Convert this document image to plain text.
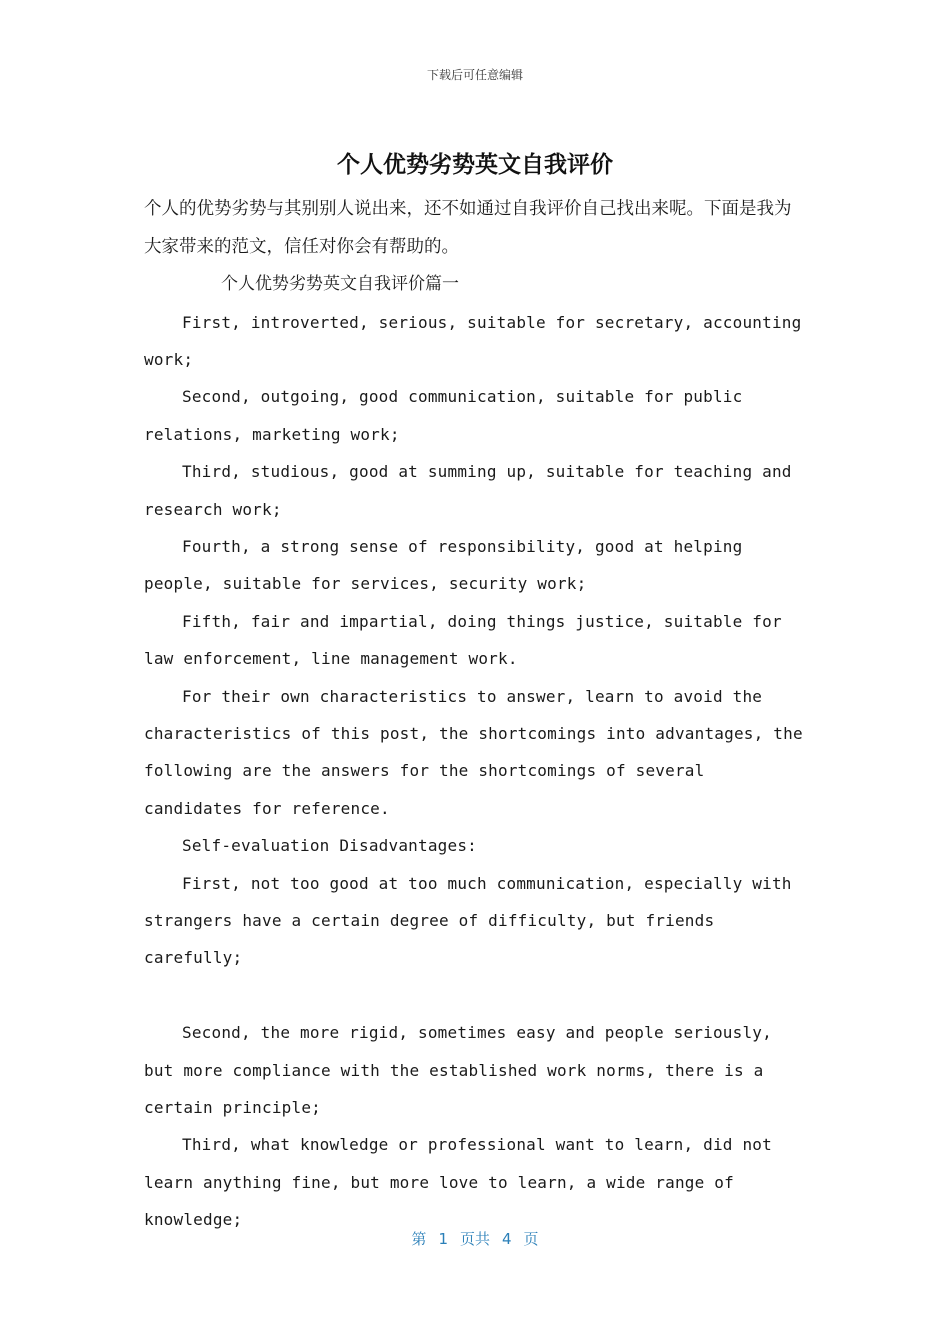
下载后可任意编辑
个人优势劣势英文自我评价

个人的优势劣势与其别别人说出来，还不如通过自我评价自己找出来呢。下面是我为大家带来的范文，信任对你会有帮助的。

个人优势劣势英文自我评价篇一

First, introverted, serious, suitable for secretary, accounting work;

Second, outgoing, good communication, suitable for public relations, marketing work;

Third, studious, good at summing up, suitable for teaching and research work;

Fourth, a strong sense of responsibility, good at helping people, suitable for services, security work;

Fifth, fair and impartial, doing things justice, suitable for law enforcement, line management work.

For their own characteristics to answer, learn to avoid the characteristics of this post, the shortcomings into advantages, the following are the answers for the shortcomings of several candidates for reference.

Self-evaluation Disadvantages:

First, not too good at too much communication, especially with strangers have a certain degree of difficulty, but friends carefully;

Second, the more rigid, sometimes easy and people seriously, but more compliance with the established work norms, there is a certain principle;

Third, what knowledge or professional want to learn, did not learn anything fine, but more love to learn, a wide range of knowledge;

第 1 页共 4 页
